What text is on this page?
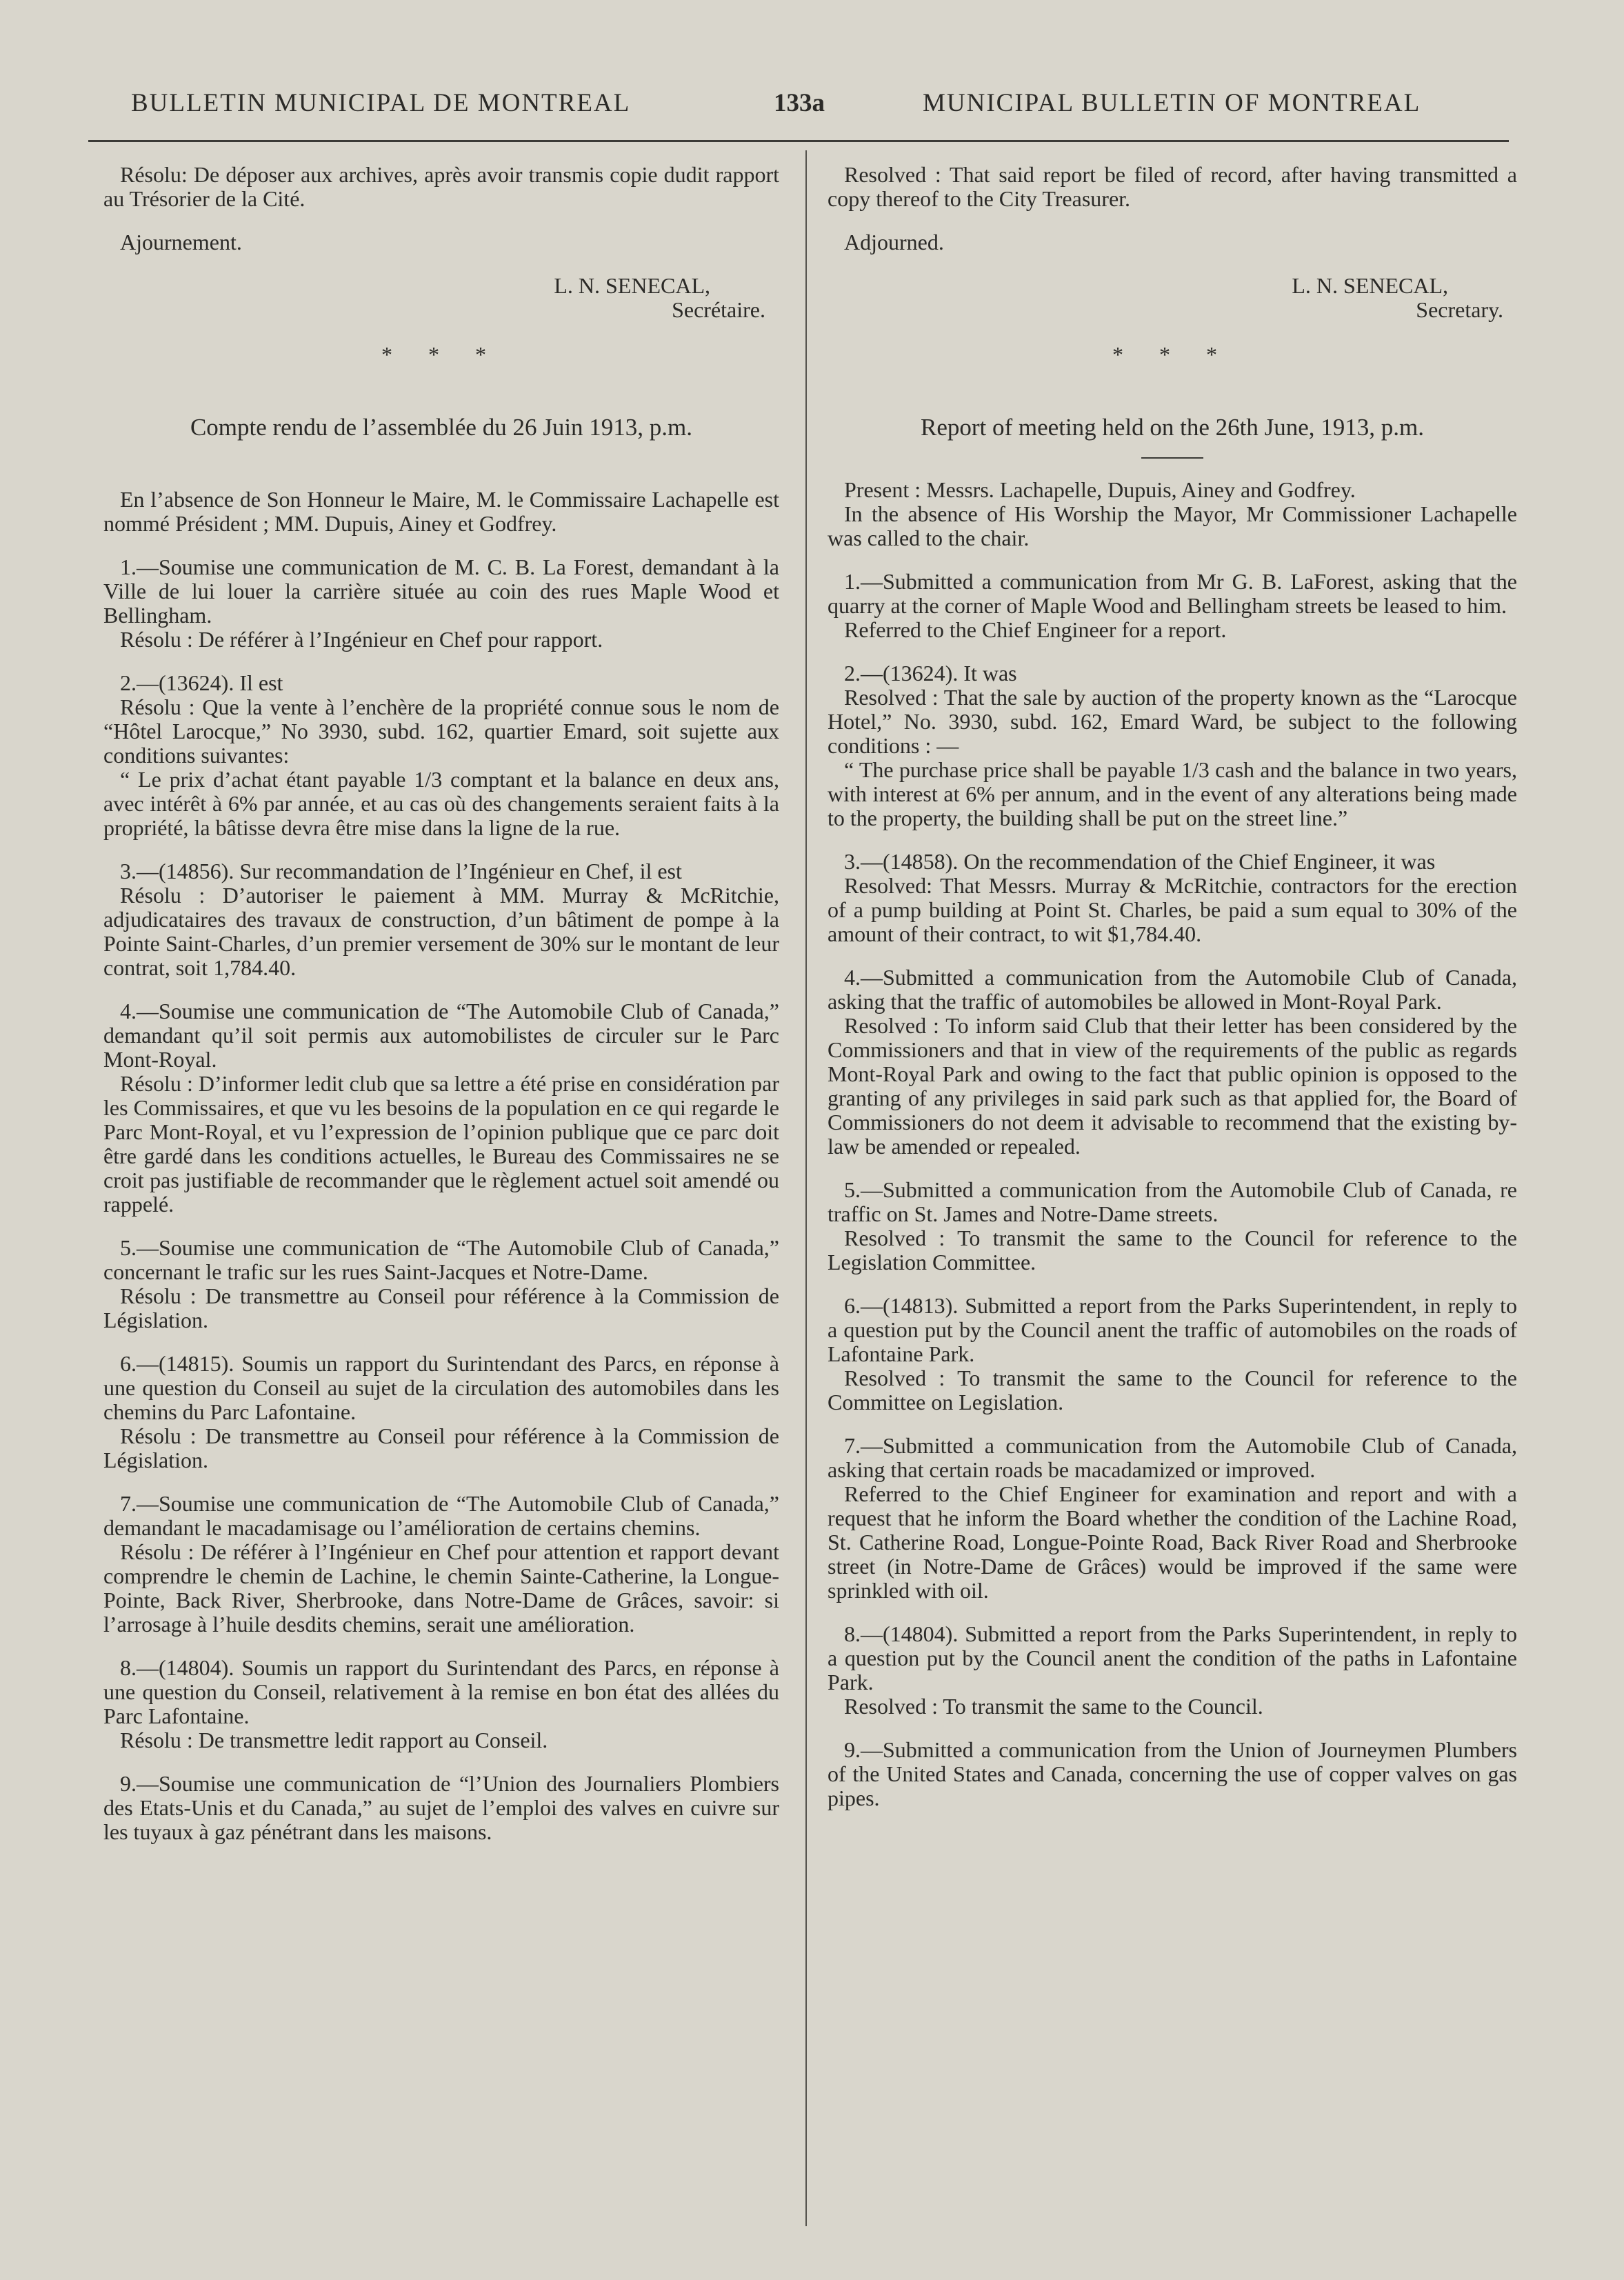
BULLETIN MUNICIPAL DE MONTREAL	133a	MUNICIPAL BULLETIN OF MONTREAL

Résolu: De déposer aux archives, après avoir transmis copie dudit rapport au Trésorier de la Cité.

Ajournement.

L. N. SENECAL,

Secrétaire.

* * *

Compte rendu de l’assemblée du 26 Juin 1913, p.m.

En l’absence de Son Honneur le Maire, M. le Commissaire Lachapelle est nommé Président ; MM. Dupuis, Ainey et Godfrey.

1.—Soumise une communication de M. C. B. La Forest, demandant à la Ville de lui louer la carrière située au coin des rues Maple Wood et Bellingham.

Résolu : De référer à l’Ingénieur en Chef pour rapport.

2.—(13624). Il est

Résolu : Que la vente à l’enchère de la propriété connue sous le nom de “Hôtel Larocque,” No 3930, subd. 162, quartier Emard, soit sujette aux conditions suivantes:

“ Le prix d’achat étant payable 1/3 comptant et la balance en deux ans, avec intérêt à 6% par année, et au cas où des changements seraient faits à la propriété, la bâtisse devra être mise dans la ligne de la rue.

3.—(14856). Sur recommandation de l’Ingénieur en Chef, il est

Résolu : D’autoriser le paiement à MM. Murray & McRitchie, adjudicataires des travaux de construction, d’un bâtiment de pompe à la Pointe Saint-Charles, d’un premier versement de 30% sur le montant de leur contrat, soit 1,784.40.

4.—Soumise une communication de “The Automobile Club of Canada,” demandant qu’il soit permis aux automobilistes de circuler sur le Parc Mont-Royal.

Résolu : D’informer ledit club que sa lettre a été prise en considération par les Commissaires, et que vu les besoins de la population en ce qui regarde le Parc Mont-Royal, et vu l’expression de l’opinion publique que ce parc doit être gardé dans les conditions actuelles, le Bureau des Commissaires ne se croit pas justifiable de recommander que le règlement actuel soit amendé ou rappelé.

5.—Soumise une communication de “The Automobile Club of Canada,” concernant le trafic sur les rues Saint-Jacques et Notre-Dame.

Résolu : De transmettre au Conseil pour référence à la Commission de Législation.

6.—(14815). Soumis un rapport du Surintendant des Parcs, en réponse à une question du Conseil au sujet de la circulation des automobiles dans les chemins du Parc Lafontaine.

Résolu : De transmettre au Conseil pour référence à la Commission de Législation.

7.—Soumise une communication de “The Automobile Club of Canada,” demandant le macadamisage ou l’amélioration de certains chemins.

Résolu : De référer à l’Ingénieur en Chef pour attention et rapport devant comprendre le chemin de Lachine, le chemin Sainte-Catherine, la Longue-Pointe, Back River, Sherbrooke, dans Notre-Dame de Grâces, savoir: si l’arrosage à l’huile desdits chemins, serait une amélioration.

8.—(14804). Soumis un rapport du Surintendant des Parcs, en réponse à une question du Conseil, relativement à la remise en bon état des allées du Parc Lafontaine.

Résolu : De transmettre ledit rapport au Conseil.

9.—Soumise une communication de “l’Union des Journaliers Plombiers des Etats-Unis et du Canada,” au sujet de l’emploi des valves en cuivre sur les tuyaux à gaz pénétrant dans les maisons.

Resolved : That said report be filed of record, after having transmitted a copy thereof to the City Treasurer.

Adjourned.

L. N. SENECAL,

Secretary.

* * *

Report of meeting held on the 26th June, 1913, p.m.

Present : Messrs. Lachapelle, Dupuis, Ainey and Godfrey.

In the absence of His Worship the Mayor, Mr Commissioner Lachapelle was called to the chair.

1.—Submitted a communication from Mr G. B. LaForest, asking that the quarry at the corner of Maple Wood and Bellingham streets be leased to him.

Referred to the Chief Engineer for a report.

2.—(13624). It was

Resolved : That the sale by auction of the property known as the “Larocque Hotel,” No. 3930, subd. 162, Emard Ward, be subject to the following conditions : —

“ The purchase price shall be payable 1/3 cash and the balance in two years, with interest at 6% per annum, and in the event of any alterations being made to the property, the building shall be put on the street line.”

3.—(14858). On the recommendation of the Chief Engineer, it was

Resolved: That Messrs. Murray & McRitchie, contractors for the erection of a pump building at Point St. Charles, be paid a sum equal to 30% of the amount of their contract, to wit $1,784.40.

4.—Submitted a communication from the Automobile Club of Canada, asking that the traffic of automobiles be allowed in Mont-Royal Park.

Resolved : To inform said Club that their letter has been considered by the Commissioners and that in view of the requirements of the public as regards Mont-Royal Park and owing to the fact that public opinion is opposed to the granting of any privileges in said park such as that applied for, the Board of Commissioners do not deem it advisable to recommend that the existing by-law be amended or repealed.

5.—Submitted a communication from the Automobile Club of Canada, re traffic on St. James and Notre-Dame streets.

Resolved : To transmit the same to the Council for reference to the Legislation Committee.

6.—(14813). Submitted a report from the Parks Superintendent, in reply to a question put by the Council anent the traffic of automobiles on the roads of Lafontaine Park.

Resolved : To transmit the same to the Council for reference to the Committee on Legislation.

7.—Submitted a communication from the Automobile Club of Canada, asking that certain roads be macadamized or improved.

Referred to the Chief Engineer for examination and report and with a request that he inform the Board whether the condition of the Lachine Road, St. Catherine Road, Longue-Pointe Road, Back River Road and Sherbrooke street (in Notre-Dame de Grâces) would be improved if the same were sprinkled with oil.

8.—(14804). Submitted a report from the Parks Superintendent, in reply to a question put by the Council anent the condition of the paths in Lafontaine Park.

Resolved : To transmit the same to the Council.

9.—Submitted a communication from the Union of Journeymen Plumbers of the United States and Canada, concerning the use of copper valves on gas pipes.
